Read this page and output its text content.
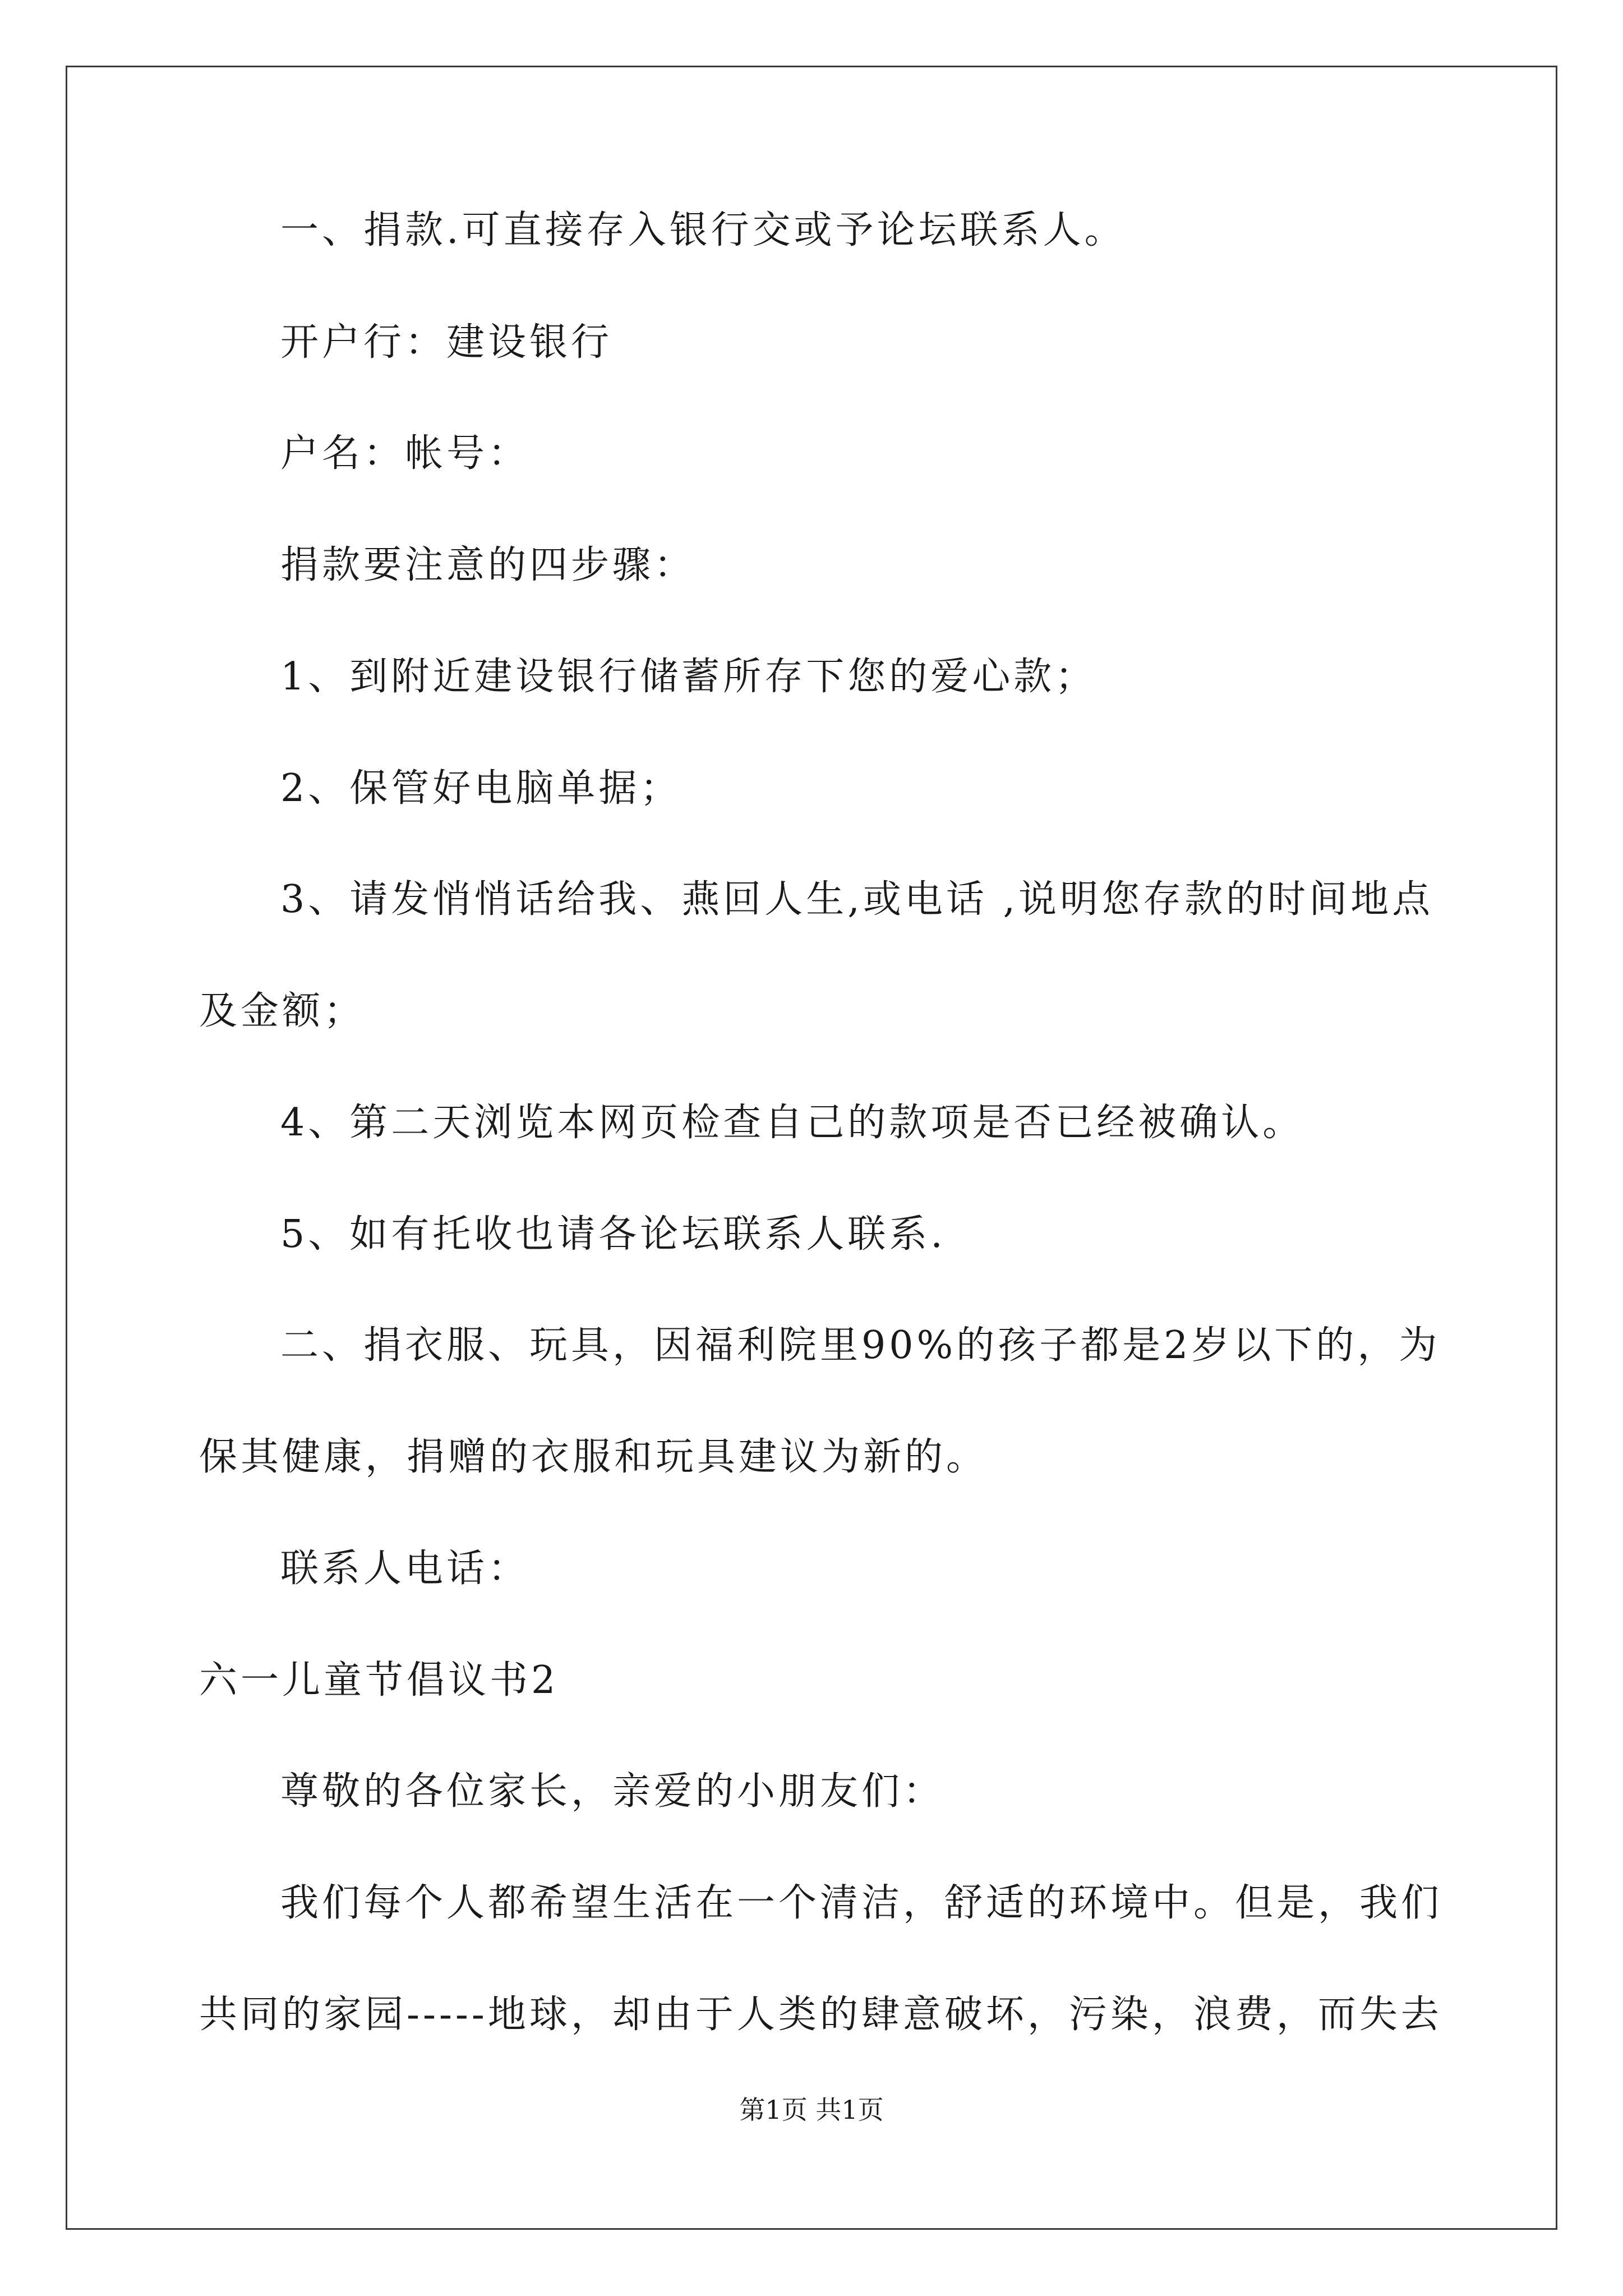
一、捐款.可直接存入银行交或予论坛联系人。
开户行：建设银行
户名：帐号：
捐款要注意的四步骤：
1、到附近建设银行储蓄所存下您的爱心款；
2、保管好电脑单据；
3、请发悄悄话给我、燕回人生,或电话 ,说明您存款的时间地点
及金额；
4、第二天浏览本网页检查自己的款项是否已经被确认。
5、如有托收也请各论坛联系人联系.
二、捐衣服、玩具，因福利院里90%的孩子都是2岁以下的，为
保其健康，捐赠的衣服和玩具建议为新的。
联系人电话：
六一儿童节倡议书2
尊敬的各位家长，亲爱的小朋友们：
我们每个人都希望生活在一个清洁，舒适的环境中。但是，我们
共同的家园-----地球，却由于人类的肆意破坏，污染，浪费，而失去
第1页 共1页
